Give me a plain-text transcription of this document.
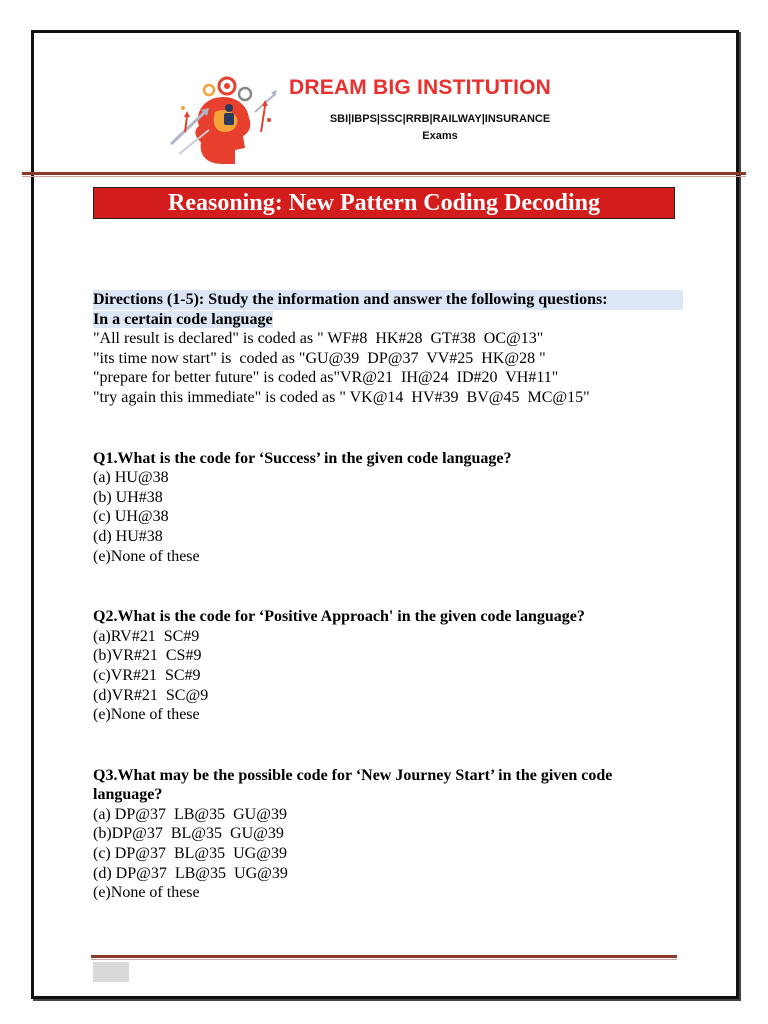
DREAM BIG INSTITUTION
SBI|IBPS|SSC|RRB|RAILWAY|INSURANCE
Exams
Reasoning: New Pattern Coding Decoding
Directions (1-5): Study the information and answer the following questions:
In a certain code language
"All result is declared" is coded as " WF#8  HK#28  GT#38  OC@13"
"its time now start" is  coded as "GU@39  DP@37  VV#25  HK@28 "
"prepare for better future" is coded as"VR@21  IH@24  ID#20  VH#11"
"try again this immediate" is coded as " VK@14  HV#39  BV@45  MC@15"
Q1.What is the code for ‘Success’ in the given code language?
(a) HU@38
(b) UH#38
(c) UH@38
(d) HU#38
(e)None of these
Q2.What is the code for ‘Positive Approach' in the given code language?
(a)RV#21  SC#9
(b)VR#21  CS#9
(c)VR#21  SC#9
(d)VR#21  SC@9
(e)None of these
Q3.What may be the possible code for ‘New Journey Start’ in the given code language?
(a) DP@37  LB@35  GU@39
(b)DP@37  BL@35  GU@39
(c) DP@37  BL@35  UG@39
(d) DP@37  LB@35  UG@39
(e)None of these
